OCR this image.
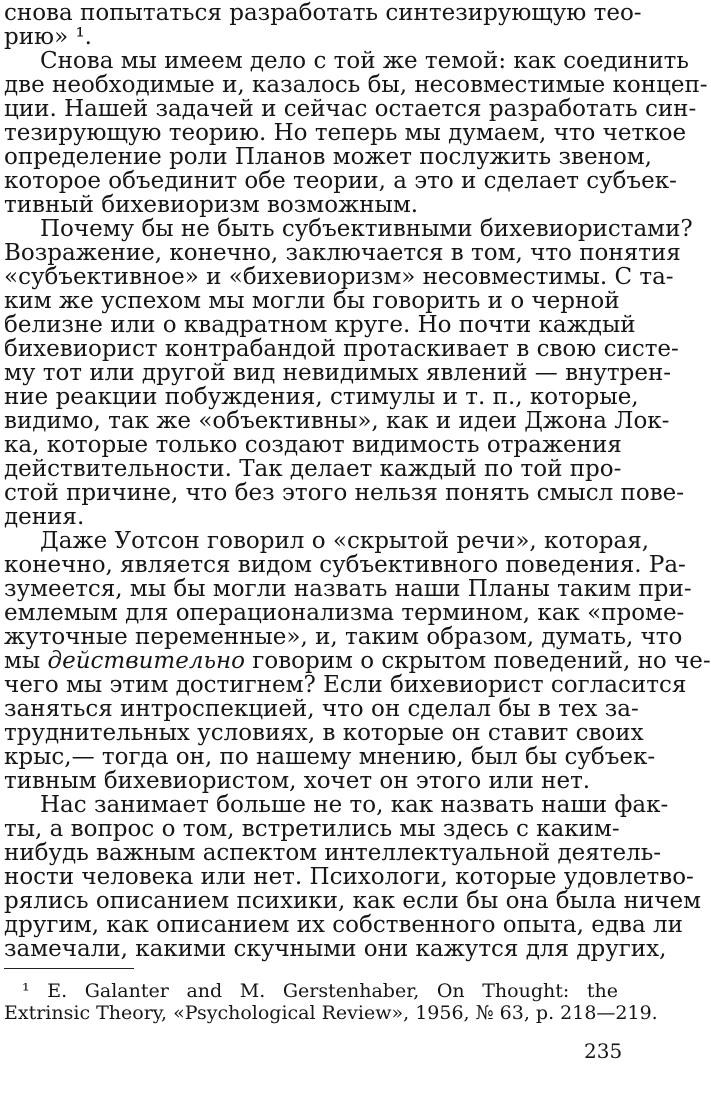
снова попытаться разработать синтезирующую тео-
рию» ¹.
Снова мы имеем дело с той же темой: как соединить
две необходимые и, казалось бы, несовместимые концеп-
ции. Нашей задачей и сейчас остается разработать син-
тезирующую теорию. Но теперь мы думаем, что четкое
определение роли Планов может послужить звеном,
которое объединит обе теории, а это и сделает субъек-
тивный бихевиоризм возможным.
Почему бы не быть субъективными бихевиористами?
Возражение, конечно, заключается в том, что понятия
«субъективное» и «бихевиоризм» несовместимы. С та-
ким же успехом мы могли бы говорить и о черной
белизне или о квадратном круге. Но почти каждый
бихевиорист контрабандой протаскивает в свою систе-
му тот или другой вид невидимых явлений — внутрен-
ние реакции побуждения, стимулы и т. п., которые,
видимо, так же «объективны», как и идеи Джона Лок-
ка, которые только создают видимость отражения
действительности. Так делает каждый по той про-
стой причине, что без этого нельзя понять смысл пове-
дения.
Даже Уотсон говорил о «скрытой речи», которая,
конечно, является видом субъективного поведения. Ра-
зумеется, мы бы могли назвать наши Планы таким при-
емлемым для операционализма термином, как «проме-
жуточные переменные», и, таким образом, думать, что
мы действительно говорим о скрытом поведений, но че-
чего мы этим достигнем? Если бихевиорист согласится
заняться интроспекцией, что он сделал бы в тех за-
труднительных условиях, в которые он ставит своих
крыс,— тогда он, по нашему мнению, был бы субъек-
тивным бихевиористом, хочет он этого или нет.
Нас занимает больше не то, как назвать наши фак-
ты, а вопрос о том, встретились мы здесь с каким-
нибудь важным аспектом интеллектуальной деятель-
ности человека или нет. Психологи, которые удовлетво-
рялись описанием психики, как если бы она была ничем
другим, как описанием их собственного опыта, едва ли
замечали, какими скучными они кажутся для других,
¹ E. Galanter and M. Gerstenhaber, On Thought: the
Extrinsic Theory, «Psychological Review», 1956, № 63, p. 218—219.
235
